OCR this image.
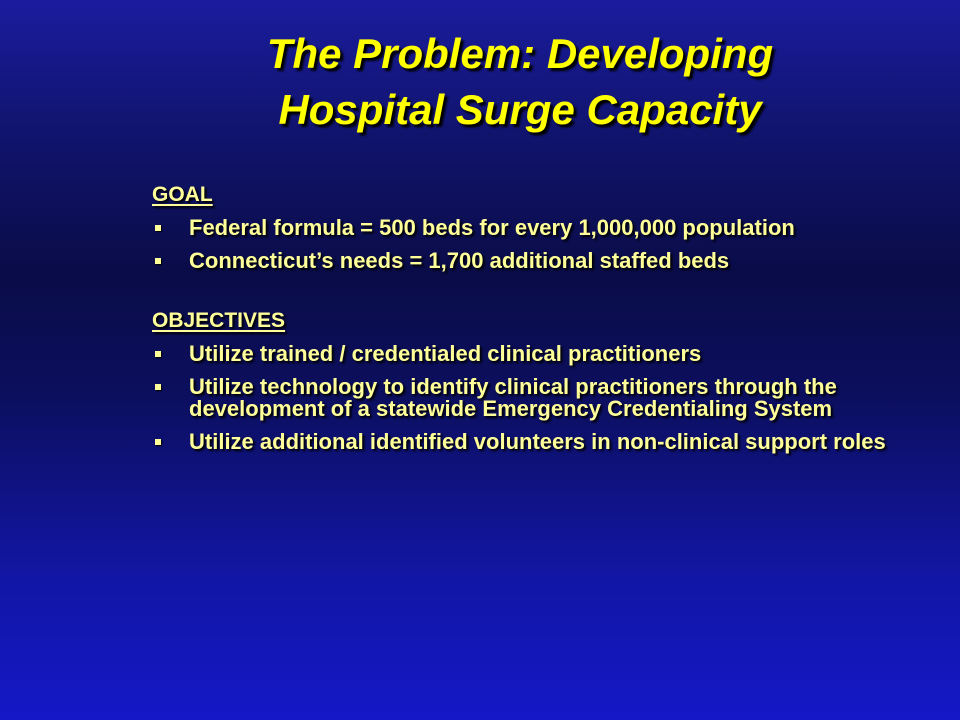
The Problem: Developing
Hospital Surge Capacity
GOAL
Federal formula = 500 beds for every 1,000,000 population
Connecticut’s needs = 1,700 additional staffed beds
OBJECTIVES
Utilize trained / credentialed clinical practitioners
Utilize technology to identify clinical practitioners through the development of a statewide Emergency Credentialing System
Utilize additional identified volunteers in non-clinical support roles
